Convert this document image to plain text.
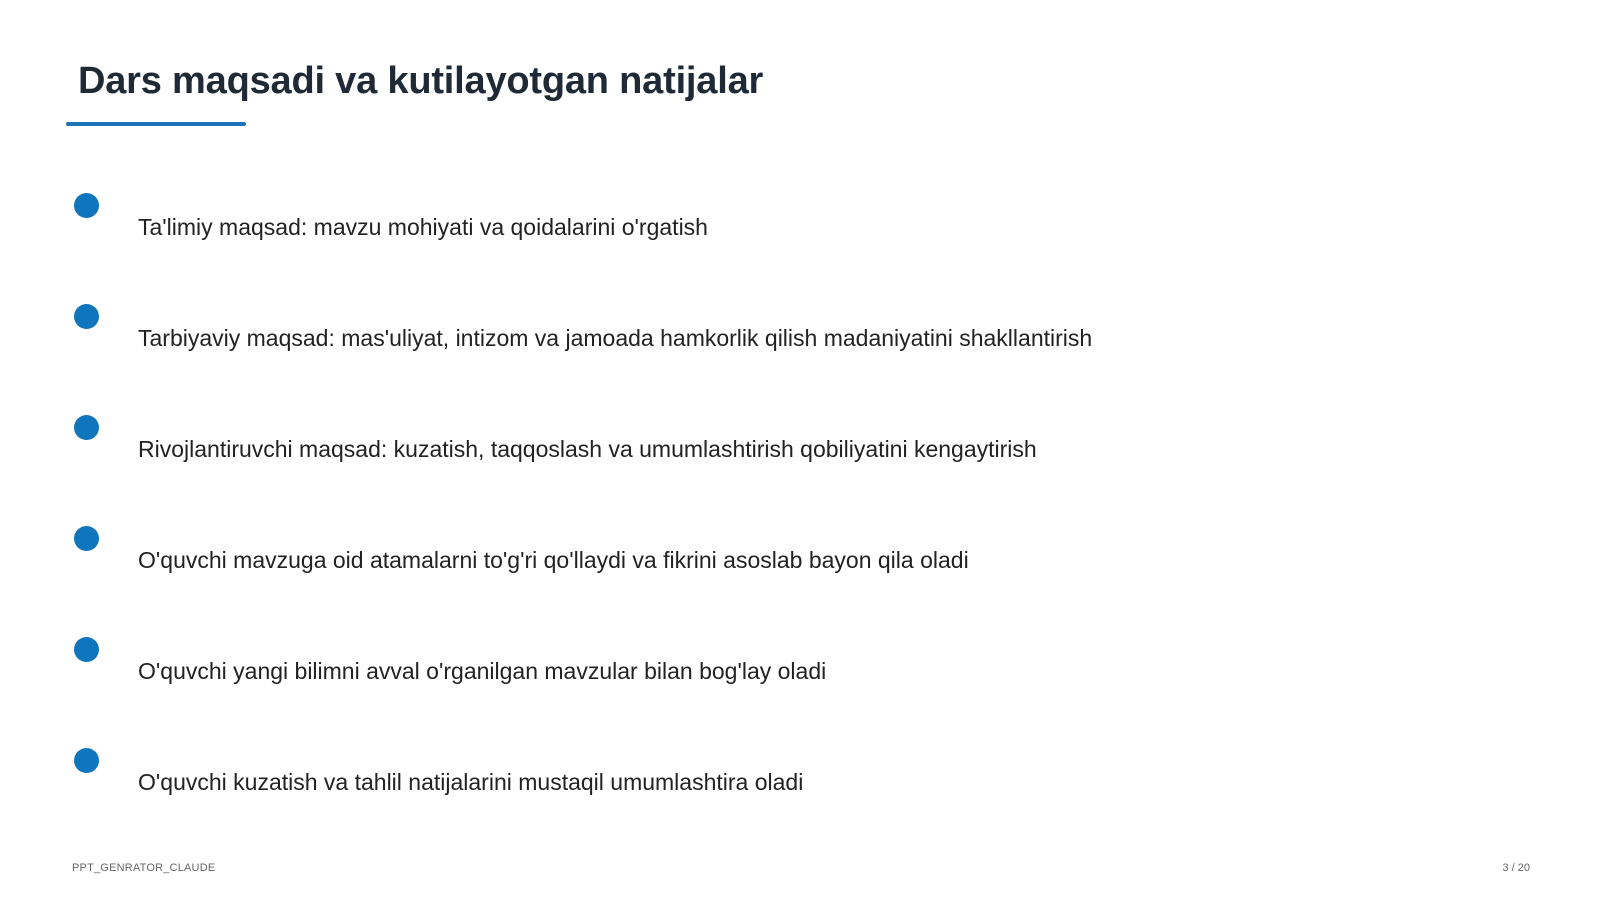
Dars maqsadi va kutilayotgan natijalar
Ta'limiy maqsad: mavzu mohiyati va qoidalarini o'rgatish
Tarbiyaviy maqsad: mas'uliyat, intizom va jamoada hamkorlik qilish madaniyatini shakllantirish
Rivojlantiruvchi maqsad: kuzatish, taqqoslash va umumlashtirish qobiliyatini kengaytirish
O'quvchi mavzuga oid atamalarni to'g'ri qo'llaydi va fikrini asoslab bayon qila oladi
O'quvchi yangi bilimni avval o'rganilgan mavzular bilan bog'lay oladi
O'quvchi kuzatish va tahlil natijalarini mustaqil umumlashtira oladi
PPT_GENRATOR_CLAUDE	3 / 20
